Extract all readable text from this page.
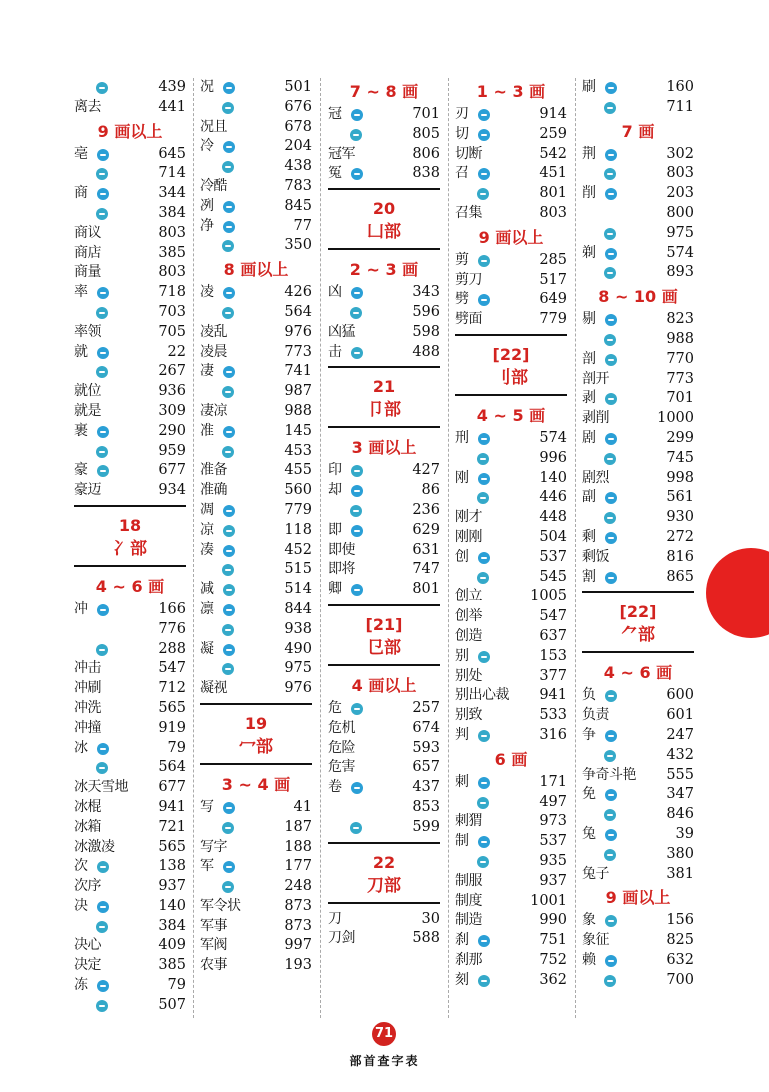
439
离去	441
9 画以上
亳	645
714
商	344
384
商议	803
商店	385
商量	803
率	718
703
率领	705
就	22
267
就位	936
就是	309
裹	290
959
豪	677
豪迈	934
18
冫部
4 ~ 6 画
冲	166
776
288
冲击	547
冲刷	712
冲洗	565
冲撞	919
冰	79
564
冰天雪地 677
冰棍	941
冰箱	721
冰激凌	565
次	138
次序	937
决	140
384
决心	409
决定	385
冻	79
507
况	501
676
况且	678
冷	204
438
冷酷	783
冽	845
净	77
350
8 画以上
凌	426
564
凌乱	976
凌晨	773
凄	741
987
凄凉	988
准	145
453
准备	455
准确	560
凋	779
凉	118
凑	452
515
减	514
凛	844
938
凝	490
975
凝视	976
19
冖部
3 ~ 4 画
写	41
187
写字	188
军	177
248
军令状	873
军事	873
军阀	997
农事	193
7 ~ 8 画
冠	701
805
冠军	806
冤	838
20
凵部
2 ~ 3 画
凶	343
596
凶猛	598
击	488
21
卩部
3 画以上
印	427
却	86
236
即	629
即使	631
即将	747
卿	801
[21]
㔾部
4 画以上
危	257
危机	674
危险	593
危害	657
卷	437
853
599
22
刀部
刀	30
刀剑	588
1 ~ 3 画
刃	914
切	259
切断	542
召	451
801
召集	803
9 画以上
剪	285
剪刀	517
劈	649
劈面	779
[22]
刂部
4 ~ 5 画
刑	574
996
刚	140
446
刚才	448
刚刚	504
创	537
545
创立	1005
创举	547
创造	637
别	153
别处	377
别出心裁 941
别致	533
判	316
6 画
刺	171
497
刺猬	973
制	537
935
制服	937
制度	1001
制造	990
刹	751
刹那	752
刻	362
刷	160
711
7 画
荆	302
803
削	203
800
975
剃	574
893
8 ~ 10 画
剔	823
988
剖	770
剖开	773
剥	701
剥削	1000
剧	299
745
剧烈	998
副	561
930
剩	272
剩饭	816
割	865
[22]
⺈部
4 ~ 6 画
负	600
负责	601
争	247
432
争奇斗艳 555
免	347
846
兔	39
380
兔子	381
9 画以上
象	156
象征	825
赖	632
700
71
部首查字表
